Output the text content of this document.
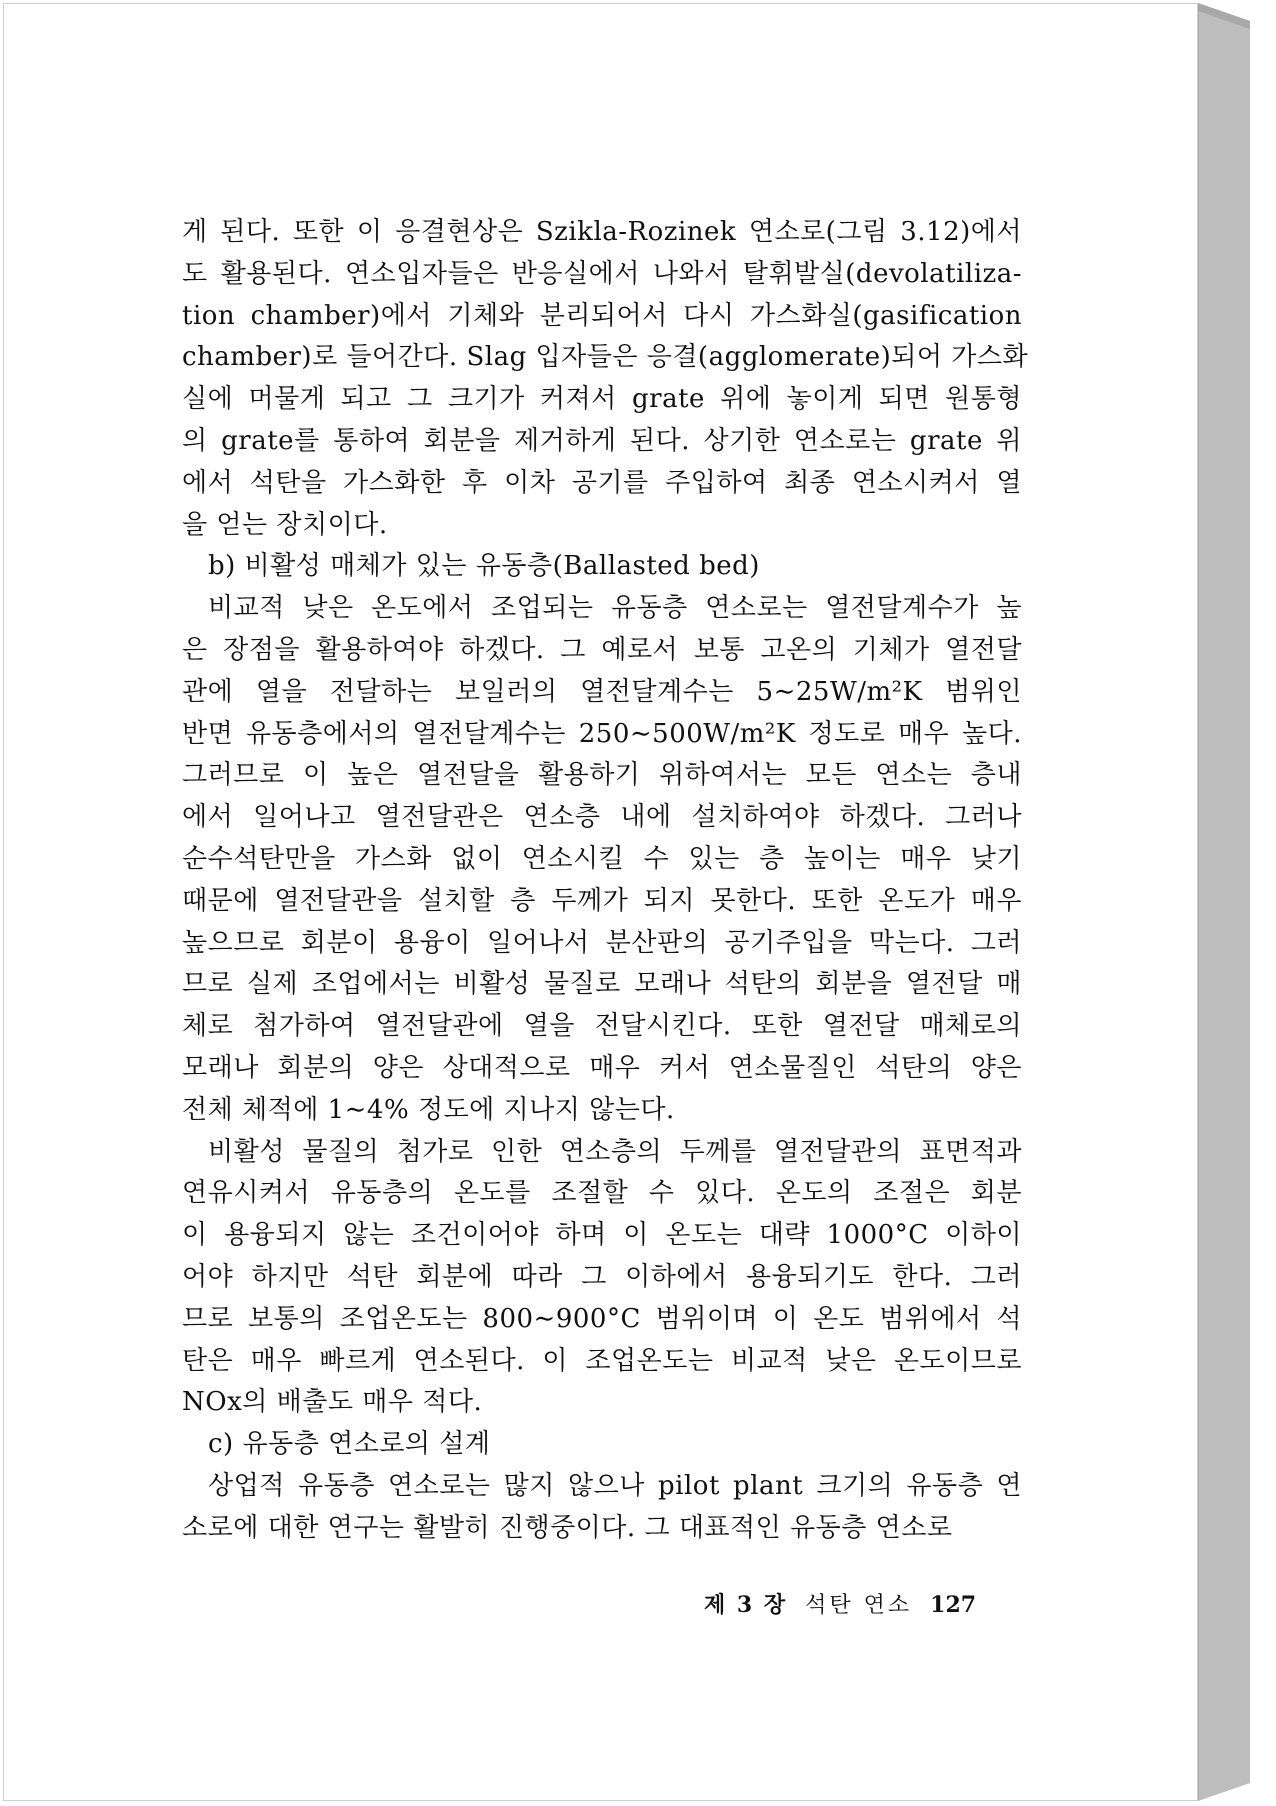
게 된다. 또한 이 응결현상은 Szikla-Rozinek 연소로(그림 3.12)에서
도 활용된다. 연소입자들은 반응실에서 나와서 탈휘발실(devolatiliza-
tion chamber)에서 기체와 분리되어서 다시 가스화실(gasification
chamber)로 들어간다. Slag 입자들은 응결(agglomerate)되어 가스화
실에 머물게 되고 그 크기가 커져서 grate 위에 놓이게 되면 원통형
의 grate를 통하여 회분을 제거하게 된다. 상기한 연소로는 grate 위
에서 석탄을 가스화한 후 이차 공기를 주입하여 최종 연소시켜서 열
을 얻는 장치이다.
b) 비활성 매체가 있는 유동층(Ballasted bed)
비교적 낮은 온도에서 조업되는 유동층 연소로는 열전달계수가 높
은 장점을 활용하여야 하겠다. 그 예로서 보통 고온의 기체가 열전달
관에 열을 전달하는 보일러의 열전달계수는 5∼25W/m²K 범위인
반면 유동층에서의 열전달계수는 250∼500W/m²K 정도로 매우 높다.
그러므로 이 높은 열전달을 활용하기 위하여서는 모든 연소는 층내
에서 일어나고 열전달관은 연소층 내에 설치하여야 하겠다. 그러나
순수석탄만을 가스화 없이 연소시킬 수 있는 층 높이는 매우 낮기
때문에 열전달관을 설치할 층 두께가 되지 못한다. 또한 온도가 매우
높으므로 회분이 용융이 일어나서 분산판의 공기주입을 막는다. 그러
므로 실제 조업에서는 비활성 물질로 모래나 석탄의 회분을 열전달 매
체로 첨가하여 열전달관에 열을 전달시킨다. 또한 열전달 매체로의
모래나 회분의 양은 상대적으로 매우 커서 연소물질인 석탄의 양은
전체 체적에 1∼4% 정도에 지나지 않는다.
비활성 물질의 첨가로 인한 연소층의 두께를 열전달관의 표면적과
연유시켜서 유동층의 온도를 조절할 수 있다. 온도의 조절은 회분
이 용융되지 않는 조건이어야 하며 이 온도는 대략 1000°C 이하이
어야 하지만 석탄 회분에 따라 그 이하에서 용융되기도 한다. 그러
므로 보통의 조업온도는 800∼900°C 범위이며 이 온도 범위에서 석
탄은 매우 빠르게 연소된다. 이 조업온도는 비교적 낮은 온도이므로
NOx의 배출도 매우 적다.
c) 유동층 연소로의 설계
상업적 유동층 연소로는 많지 않으나 pilot plant 크기의 유동층 연
소로에 대한 연구는 활발히 진행중이다. 그 대표적인 유동층 연소로
제 3 장 석탄 연소 127
